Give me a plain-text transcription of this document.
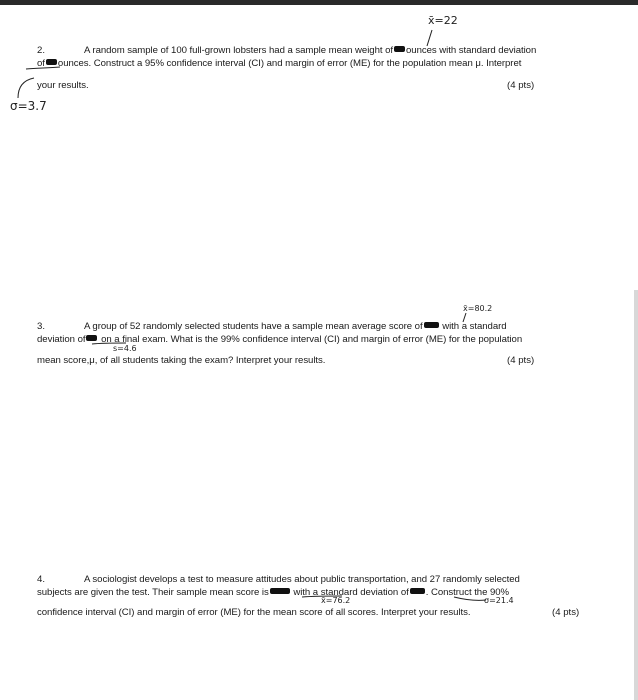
x̄=22
2.	A random sample of 100 full-grown lobsters had a sample mean weight of ounces with standard deviation
of ounces. Construct a 95% confidence interval (CI) and margin of error (ME) for the population mean μ. Interpret
your results.	(4 pts)
σ=3.7
x̄=80.2
3.	A group of 52 randomly selected students have a sample mean average score of with a standard
deviation of on a final exam. What is the 99% confidence interval (CI) and margin of error (ME) for the population
s=4.6
mean score,μ, of all students taking the exam? Interpret your results.	(4 pts)
4.	A sociologist develops a test to measure attitudes about public transportation, and 27 randomly selected
subjects are given the test. Their sample mean score is	with a standard deviation of . Construct the 90%
x̄=76.2	σ=21.4
confidence interval (CI) and margin of error (ME) for the mean score of all scores. Interpret your results.	(4 pts)
